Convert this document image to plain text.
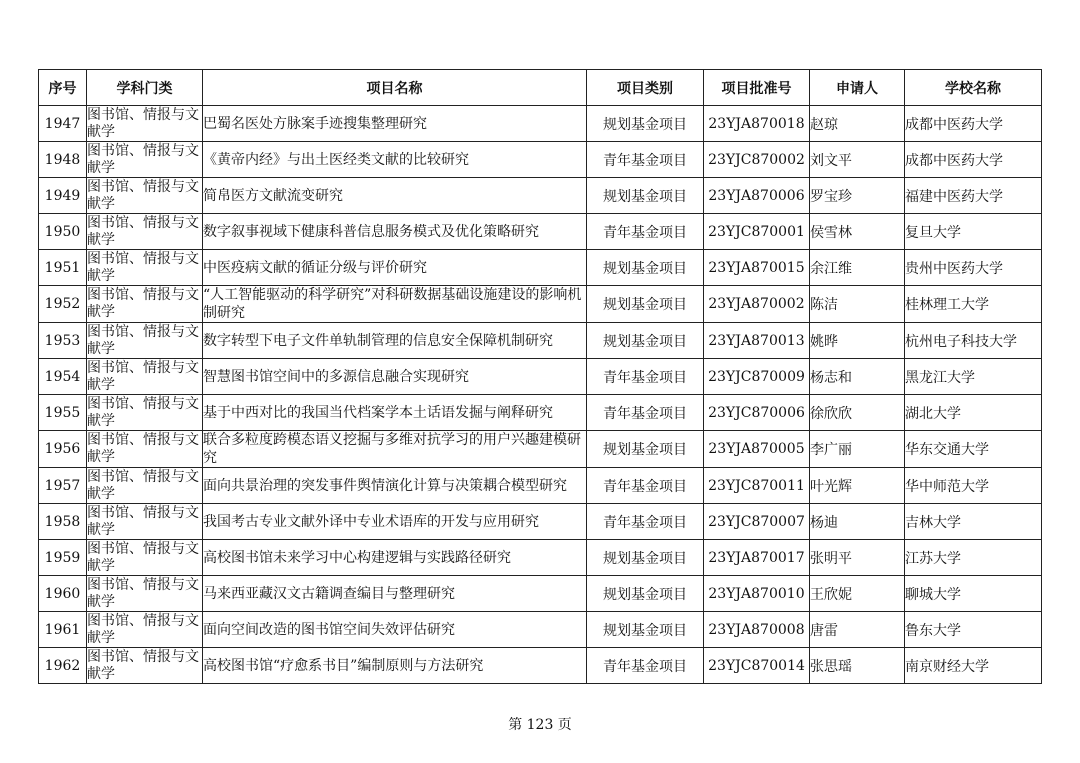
序号	学科门类	项目名称	项目类别	项目批准号	申请人	学校名称
1947	图书馆、情报与文献学	巴蜀名医处方脉案手迹搜集整理研究	规划基金项目	23YJA870018	赵琼	成都中医药大学
1948	图书馆、情报与文献学	《黄帝内经》与出土医经类文献的比较研究	青年基金项目	23YJC870002	刘文平	成都中医药大学
1949	图书馆、情报与文献学	简帛医方文献流变研究	规划基金项目	23YJA870006	罗宝珍	福建中医药大学
1950	图书馆、情报与文献学	数字叙事视域下健康科普信息服务模式及优化策略研究	青年基金项目	23YJC870001	侯雪林	复旦大学
1951	图书馆、情报与文献学	中医疫病文献的循证分级与评价研究	规划基金项目	23YJA870015	余江维	贵州中医药大学
1952	图书馆、情报与文献学	“人工智能驱动的科学研究”对科研数据基础设施建设的影响机制研究	规划基金项目	23YJA870002	陈洁	桂林理工大学
1953	图书馆、情报与文献学	数字转型下电子文件单轨制管理的信息安全保障机制研究	规划基金项目	23YJA870013	姚晔	杭州电子科技大学
1954	图书馆、情报与文献学	智慧图书馆空间中的多源信息融合实现研究	青年基金项目	23YJC870009	杨志和	黑龙江大学
1955	图书馆、情报与文献学	基于中西对比的我国当代档案学本土话语发掘与阐释研究	青年基金项目	23YJC870006	徐欣欣	湖北大学
1956	图书馆、情报与文献学	联合多粒度跨模态语义挖掘与多维对抗学习的用户兴趣建模研究	规划基金项目	23YJA870005	李广丽	华东交通大学
1957	图书馆、情报与文献学	面向共景治理的突发事件舆情演化计算与决策耦合模型研究	青年基金项目	23YJC870011	叶光辉	华中师范大学
1958	图书馆、情报与文献学	我国考古专业文献外译中专业术语库的开发与应用研究	青年基金项目	23YJC870007	杨迪	吉林大学
1959	图书馆、情报与文献学	高校图书馆未来学习中心构建逻辑与实践路径研究	规划基金项目	23YJA870017	张明平	江苏大学
1960	图书馆、情报与文献学	马来西亚藏汉文古籍调查编目与整理研究	规划基金项目	23YJA870010	王欣妮	聊城大学
1961	图书馆、情报与文献学	面向空间改造的图书馆空间失效评估研究	规划基金项目	23YJA870008	唐雷	鲁东大学
1962	图书馆、情报与文献学	高校图书馆“疗愈系书目”编制原则与方法研究	青年基金项目	23YJC870014	张思瑶	南京财经大学
第 123 页
